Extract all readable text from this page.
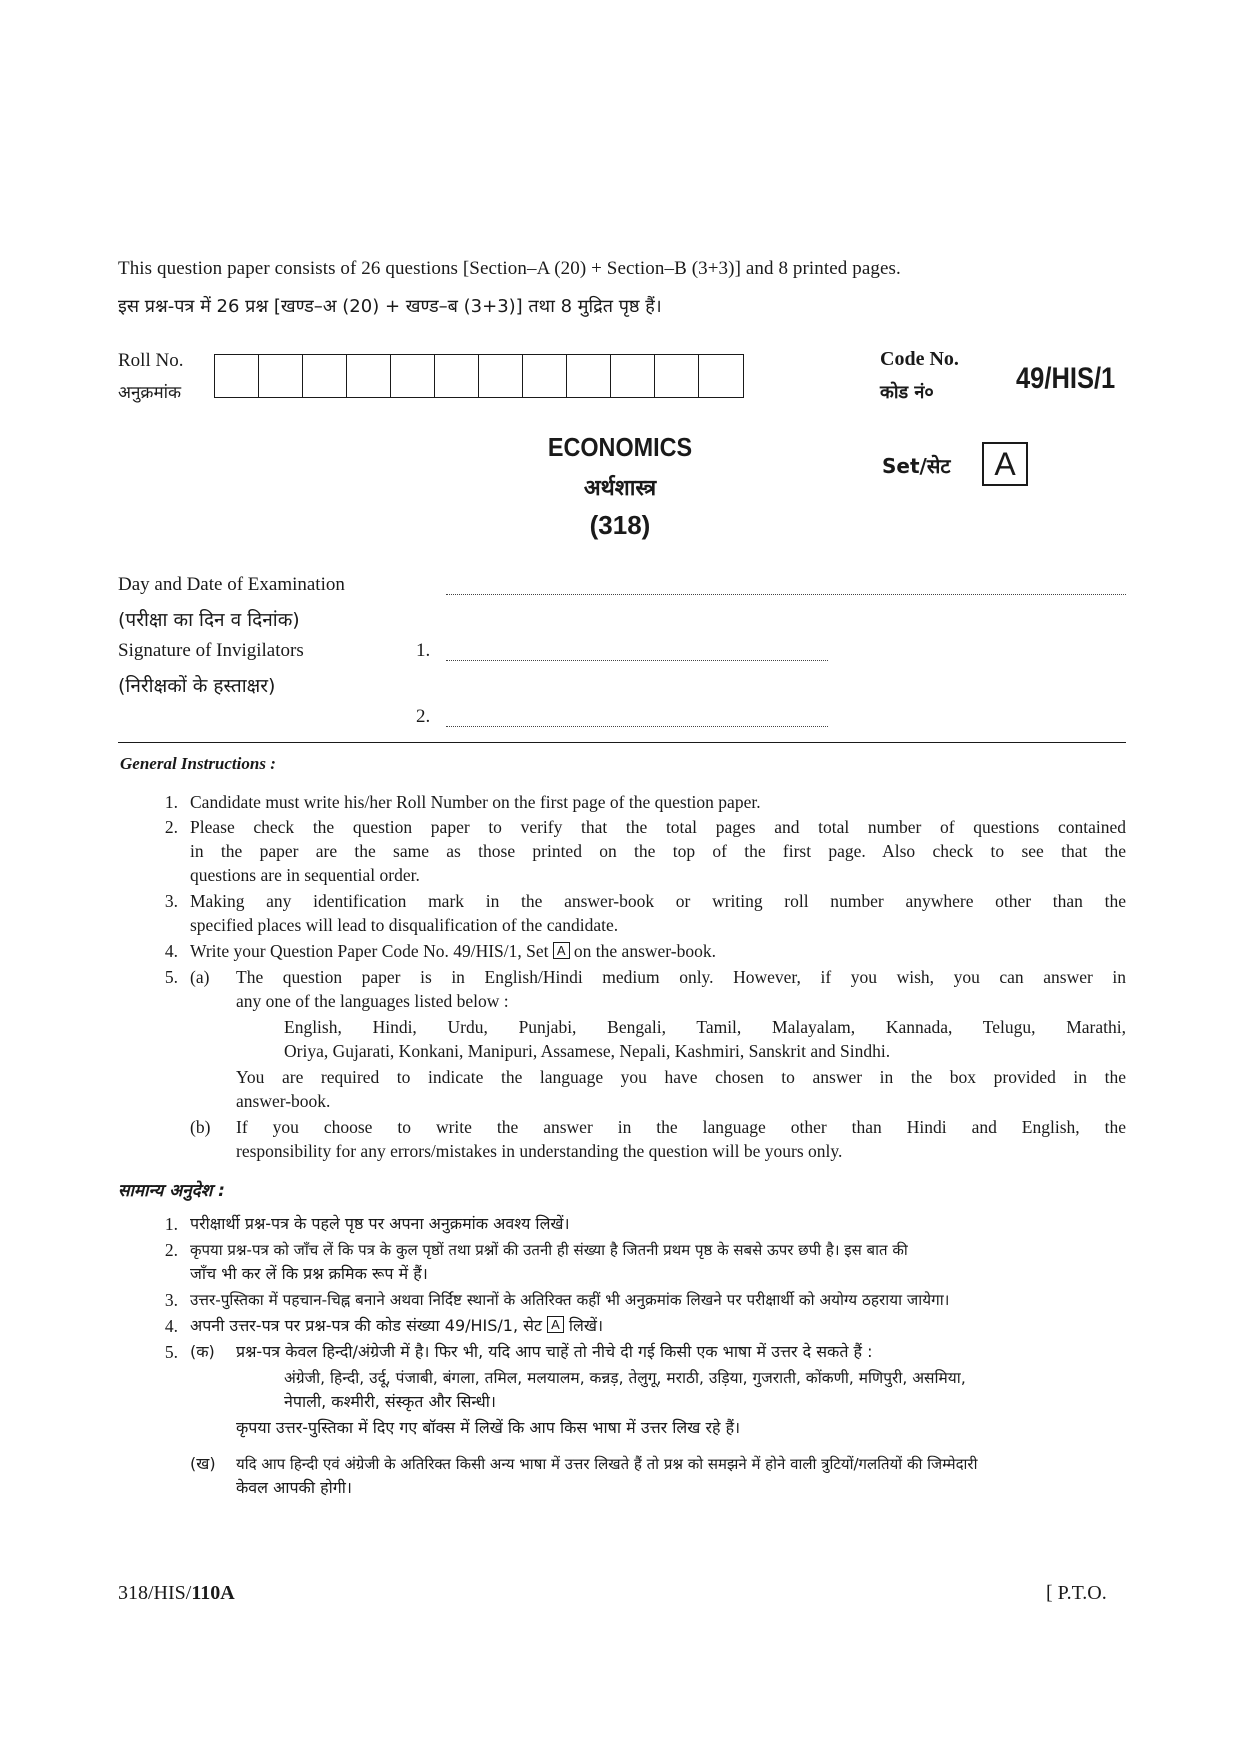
This question paper consists of 26 questions [Section–A (20) + Section–B (3+3)] and 8 printed pages.
इस प्रश्न-पत्र में 26 प्रश्न [खण्ड–अ (20) + खण्ड–ब (3+3)] तथा 8 मुद्रित पृष्ठ हैं।
Roll No.
अनुक्रमांक
Code No.
कोड नं०	49/HIS/1
ECONOMICS
अर्थशास्त्र
(318)
Set/सेट	A
Day and Date of Examination
(परीक्षा का दिन व दिनांक)
Signature of Invigilators	1.
(निरीक्षकों के हस्ताक्षर)
2.
General Instructions :
1. Candidate must write his/her Roll Number on the first page of the question paper.
2. Please check the question paper to verify that the total pages and total number of questions contained
in the paper are the same as those printed on the top of the first page. Also check to see that the
questions are in sequential order.
3. Making any identification mark in the answer-book or writing roll number anywhere other than the
specified places will lead to disqualification of the candidate.
4. Write your Question Paper Code No. 49/HIS/1, Set A on the answer-book.
5. (a) The question paper is in English/Hindi medium only. However, if you wish, you can answer in
any one of the languages listed below :
English, Hindi, Urdu, Punjabi, Bengali, Tamil, Malayalam, Kannada, Telugu, Marathi,
Oriya, Gujarati, Konkani, Manipuri, Assamese, Nepali, Kashmiri, Sanskrit and Sindhi.
You are required to indicate the language you have chosen to answer in the box provided in the
answer-book.
(b) If you choose to write the answer in the language other than Hindi and English, the
responsibility for any errors/mistakes in understanding the question will be yours only.
सामान्य अनुदेश :
1. परीक्षार्थी प्रश्न-पत्र के पहले पृष्ठ पर अपना अनुक्रमांक अवश्य लिखें।
2. कृपया प्रश्न-पत्र को जाँच लें कि पत्र के कुल पृष्ठों तथा प्रश्नों की उतनी ही संख्या है जितनी प्रथम पृष्ठ के सबसे ऊपर छपी है। इस बात की
जाँच भी कर लें कि प्रश्न क्रमिक रूप में हैं।
3. उत्तर-पुस्तिका में पहचान-चिह्न बनाने अथवा निर्दिष्ट स्थानों के अतिरिक्त कहीं भी अनुक्रमांक लिखने पर परीक्षार्थी को अयोग्य ठहराया जायेगा।
4. अपनी उत्तर-पत्र पर प्रश्न-पत्र की कोड संख्या 49/HIS/1, सेट A लिखें।
5. (क) प्रश्न-पत्र केवल हिन्दी/अंग्रेजी में है। फिर भी, यदि आप चाहें तो नीचे दी गई किसी एक भाषा में उत्तर दे सकते हैं :
अंग्रेजी, हिन्दी, उर्दू, पंजाबी, बंगला, तमिल, मलयालम, कन्नड़, तेलुगू, मराठी, उड़िया, गुजराती, कोंकणी, मणिपुरी, असमिया,
नेपाली, कश्मीरी, संस्कृत और सिन्धी।
कृपया उत्तर-पुस्तिका में दिए गए बॉक्स में लिखें कि आप किस भाषा में उत्तर लिख रहे हैं।
(ख) यदि आप हिन्दी एवं अंग्रेजी के अतिरिक्त किसी अन्य भाषा में उत्तर लिखते हैं तो प्रश्न को समझने में होने वाली त्रुटियों/गलतियों की जिम्मेदारी
केवल आपकी होगी।
318/HIS/110A	[ P.T.O.
